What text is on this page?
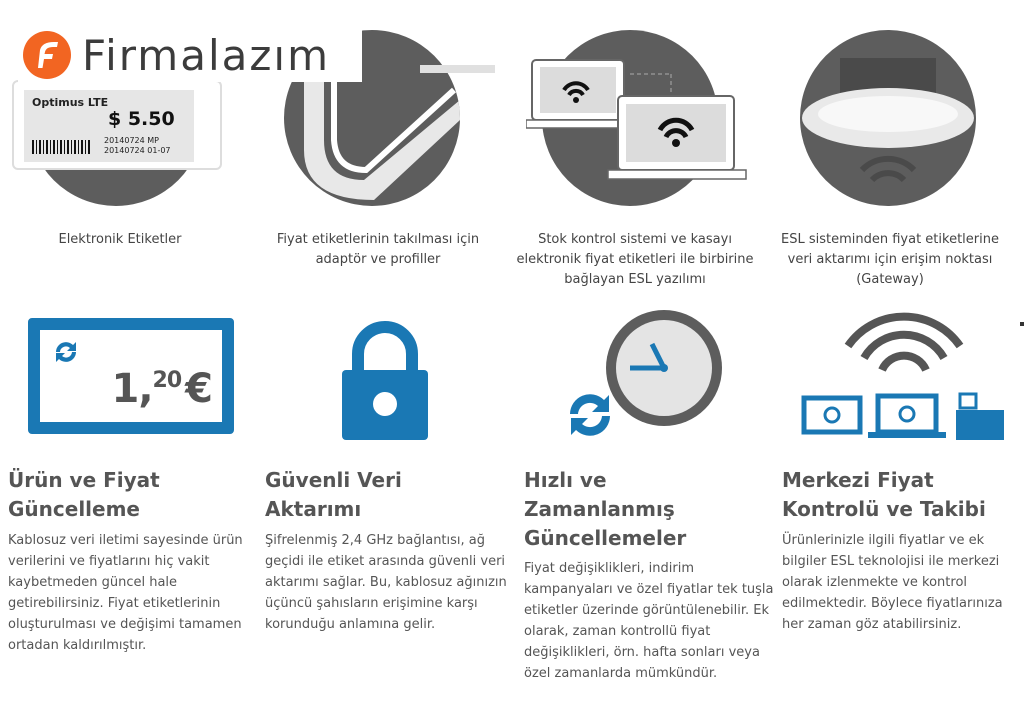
Optimus LTE
$ 5.50
20140724 MP
20140724 01-07
Firmalazım
Elektronik Etiketler	Fiyat etiketlerinin takılması için adaptör ve profiller
Stok kontrol sistemi ve kasayı elektronik fiyat etiketleri ile birbirine bağlayan ESL yazılımı
ESL sisteminden fiyat etiketlerine veri aktarımı için erişim noktası (Gateway)
1,20 €
Ürün ve Fiyat Güncelleme
Kablosuz veri iletimi sayesinde ürün verilerini ve fiyatlarını hiç vakit kaybetmeden güncel hale getirebilirsiniz. Fiyat etiketlerinin oluşturulması ve değişimi tamamen ortadan kaldırılmıştır.
Güvenli Veri Aktarımı
Şifrelenmiş 2,4 GHz bağlantısı, ağ geçidi ile etiket arasında güvenli veri aktarımı sağlar. Bu, kablosuz ağınızın üçüncü şahısların erişimine karşı korunduğu anlamına gelir.
Hızlı ve Zamanlanmış Güncellemeler
Fiyat değişiklikleri, indirim kampanyaları ve özel fiyatlar tek tuşla etiketler üzerinde görüntülenebilir. Ek olarak, zaman kontrollü fiyat değişiklikleri, örn. hafta sonları veya özel zamanlarda mümkündür.
Merkezi Fiyat Kontrolü ve Takibi
Ürünlerinizle ilgili fiyatlar ve ek bilgiler ESL teknolojisi ile merkezi olarak izlenmekte ve kontrol edilmektedir. Böylece fiyatlarınıza her zaman göz atabilirsiniz.
